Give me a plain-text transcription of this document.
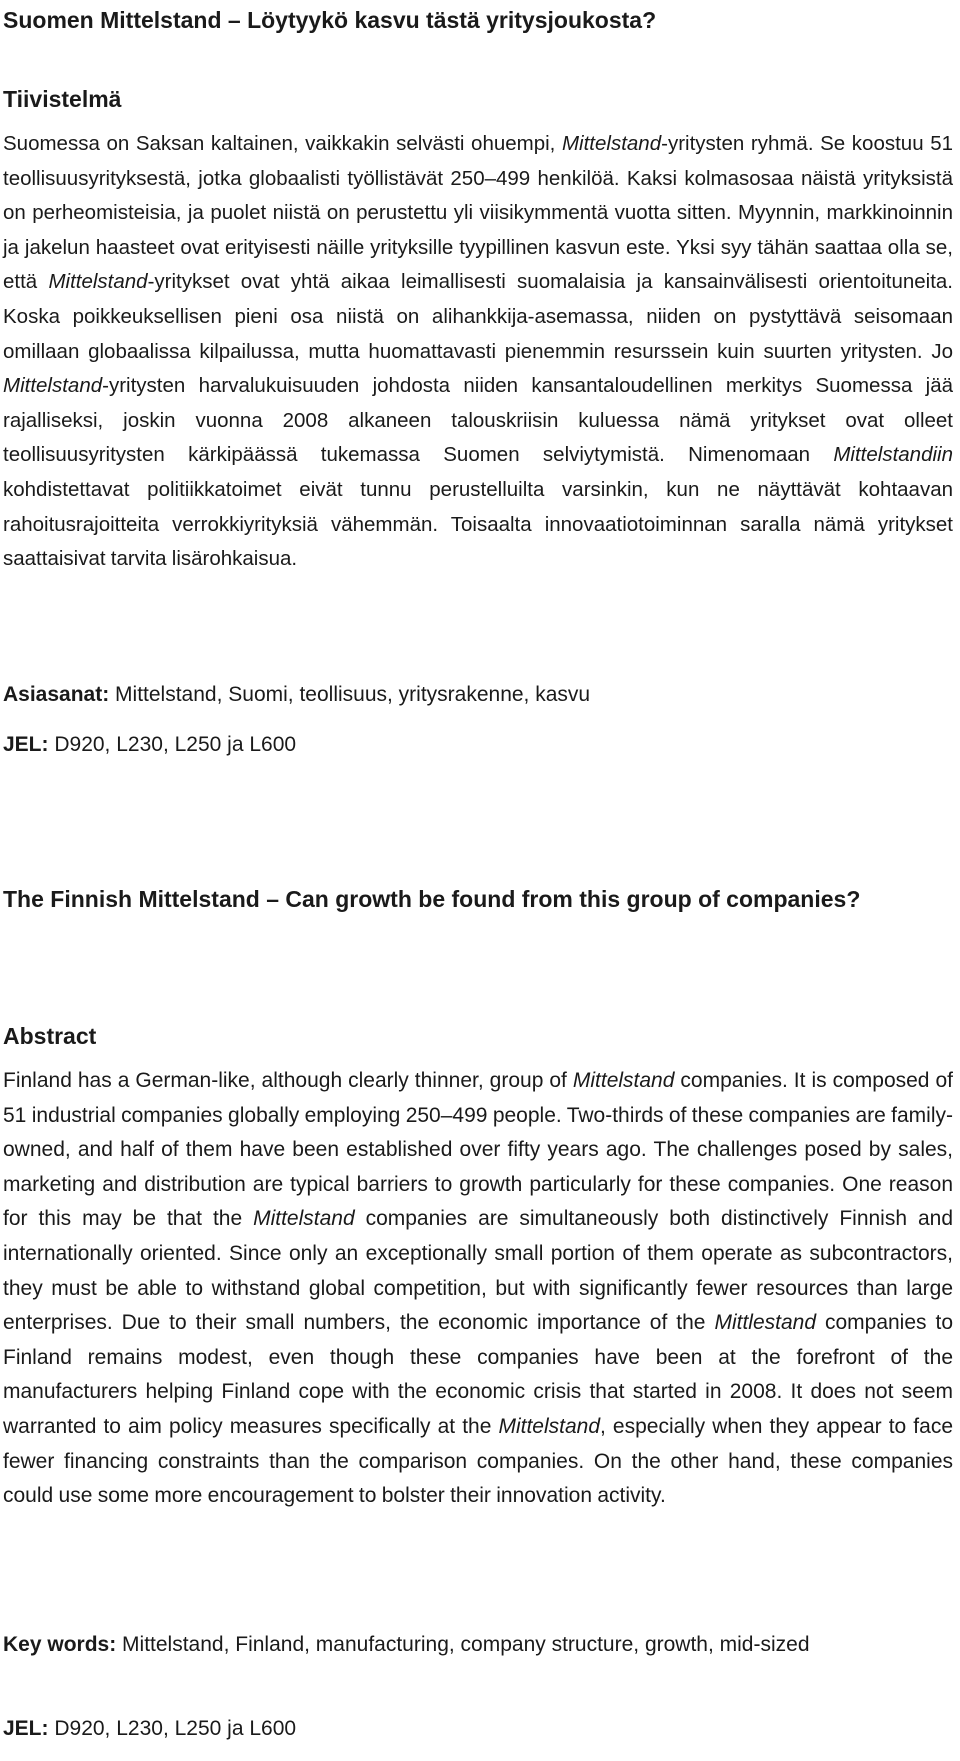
Suomen Mittelstand – Löytyykö kasvu tästä yritysjoukosta?
Tiivistelmä

Suomessa on Saksan kaltainen, vaikkakin selvästi ohuempi, Mittelstand-yritysten ryhmä. Se koostuu 51 teollisuusyrityksestä, jotka globaalisti työllistävät 250–499 henkilöä. Kaksi kolmasosaa näistä yrityksistä on perheomisteisia, ja puolet niistä on perustettu yli viisikymmentä vuotta sitten. Myynnin, markkinoinnin ja jakelun haasteet ovat erityisesti näille yrityksille tyypillinen kasvun este. Yksi syy tähän saattaa olla se, että Mittelstand-yritykset ovat yhtä aikaa leimallisesti suomalaisia ja kansainvälisesti orientoituneita. Koska poikkeuksellisen pieni osa niistä on alihankkija-asemassa, niiden on pystyttävä seisomaan omillaan globaalissa kilpailussa, mutta huomattavasti pienemmin resurssein kuin suurten yritysten. Jo Mittelstand-yritysten harvalukuisuuden johdosta niiden kansantaloudellinen merkitys Suomessa jää rajalliseksi, joskin vuonna 2008 alkaneen talouskriisin kuluessa nämä yritykset ovat olleet teollisuusyritysten kärkipäässä tukemassa Suomen selviytymistä. Nimenomaan Mittelstandiin kohdistettavat politiikkatoimet eivät tunnu perustelluilta varsinkin, kun ne näyttävät kohtaavan rahoitusrajoitteita verrokkiyrityksiä vähemmän. Toisaalta innovaatiotoiminnan saralla nämä yritykset saattaisivat tarvita lisärohkaisua.

Asiasanat: Mittelstand, Suomi, teollisuus, yritysrakenne, kasvu

JEL: D920, L230, L250 ja L600

The Finnish Mittelstand – Can growth be found from this group of companies?
Abstract

Finland has a German-like, although clearly thinner, group of Mittelstand companies. It is composed of 51 industrial companies globally employing 250–499 people. Two-thirds of these companies are family-owned, and half of them have been established over fifty years ago. The challenges posed by sales, marketing and distribution are typical barriers to growth particularly for these companies. One reason for this may be that the Mittelstand companies are simultaneously both distinctively Finnish and internationally oriented. Since only an exceptionally small portion of them operate as subcontractors, they must be able to withstand global competition, but with significantly fewer resources than large enterprises. Due to their small numbers, the economic importance of the Mittlestand companies to Finland remains modest, even though these companies have been at the forefront of the manufacturers helping Finland cope with the economic crisis that started in 2008. It does not seem warranted to aim policy measures specifically at the Mittelstand, especially when they appear to face fewer financing constraints than the comparison companies. On the other hand, these companies could use some more encouragement to bolster their innovation activity.

Key words: Mittelstand, Finland, manufacturing, company structure, growth, mid-sized

JEL: D920, L230, L250 ja L600
